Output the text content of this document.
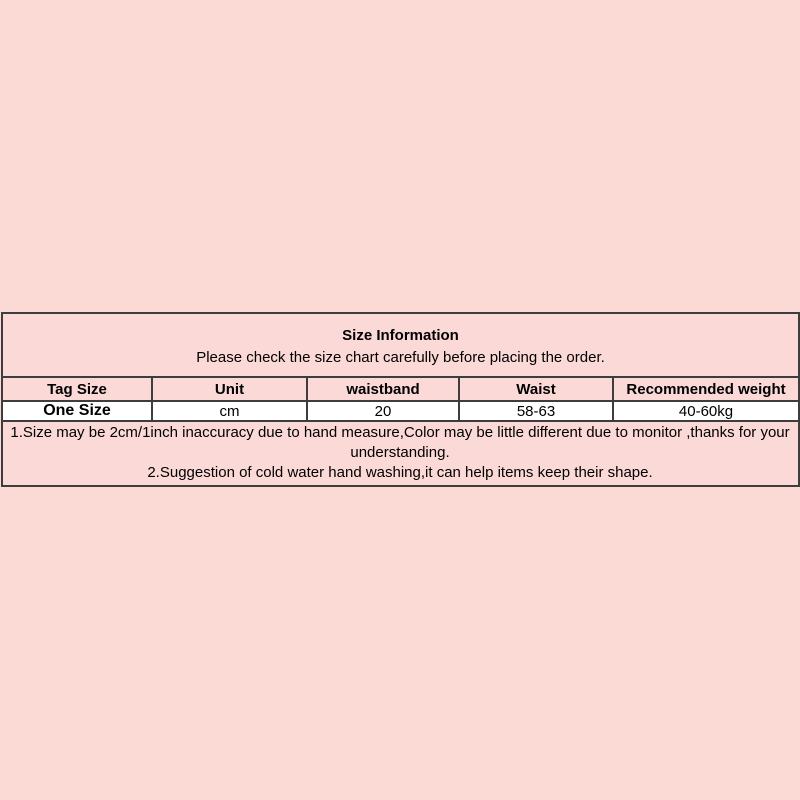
Size Information
Please check the size chart carefully before placing the order.				

Tag Size	Unit	waistband	Waist	Recommended weight
One Size	cm	20	58-63	40-60kg

1.Size may be 2cm/1inch inaccuracy due to hand measure,Color may be little different due to monitor ,thanks for your understanding.

2.Suggestion of cold water hand washing,it can help items keep their shape.				
